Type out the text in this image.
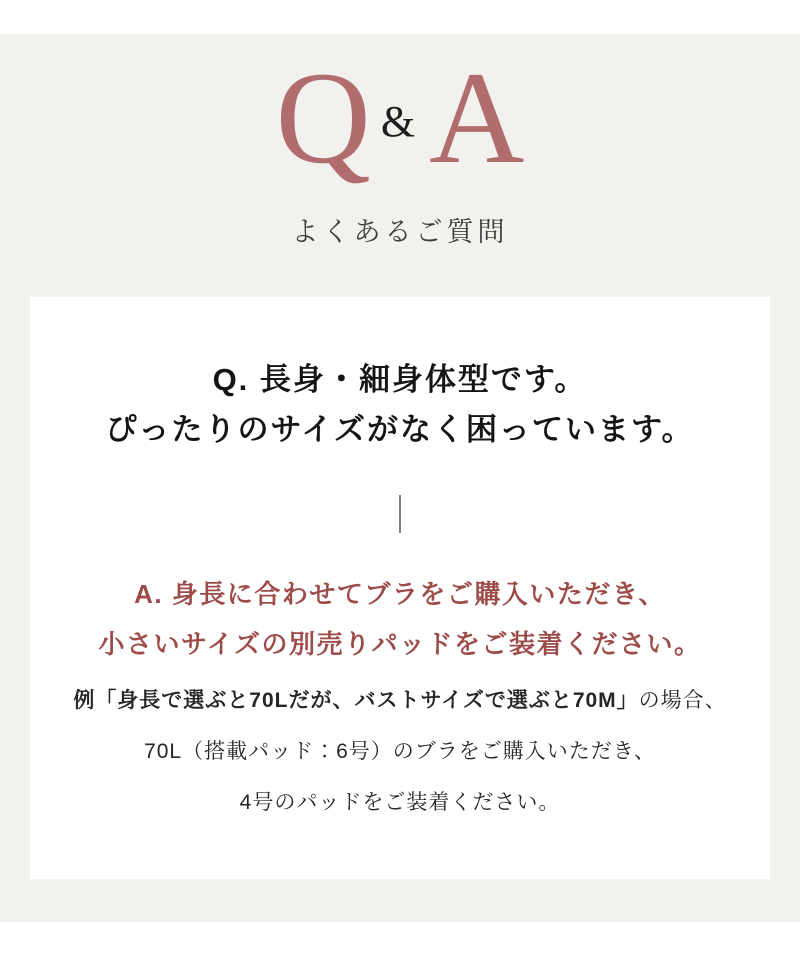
Q & A

よくあるご質問

Q. 長身・細身体型です。
ぴったりのサイズがなく困っています。

A. 身長に合わせてブラをご購入いただき、
小さいサイズの別売りパッドをご装着ください。

例「身長で選ぶと70Lだが、バストサイズで選ぶと70M」の場合、

70L（搭載パッド：6号）のブラをご購入いただき、

4号のパッドをご装着ください。
